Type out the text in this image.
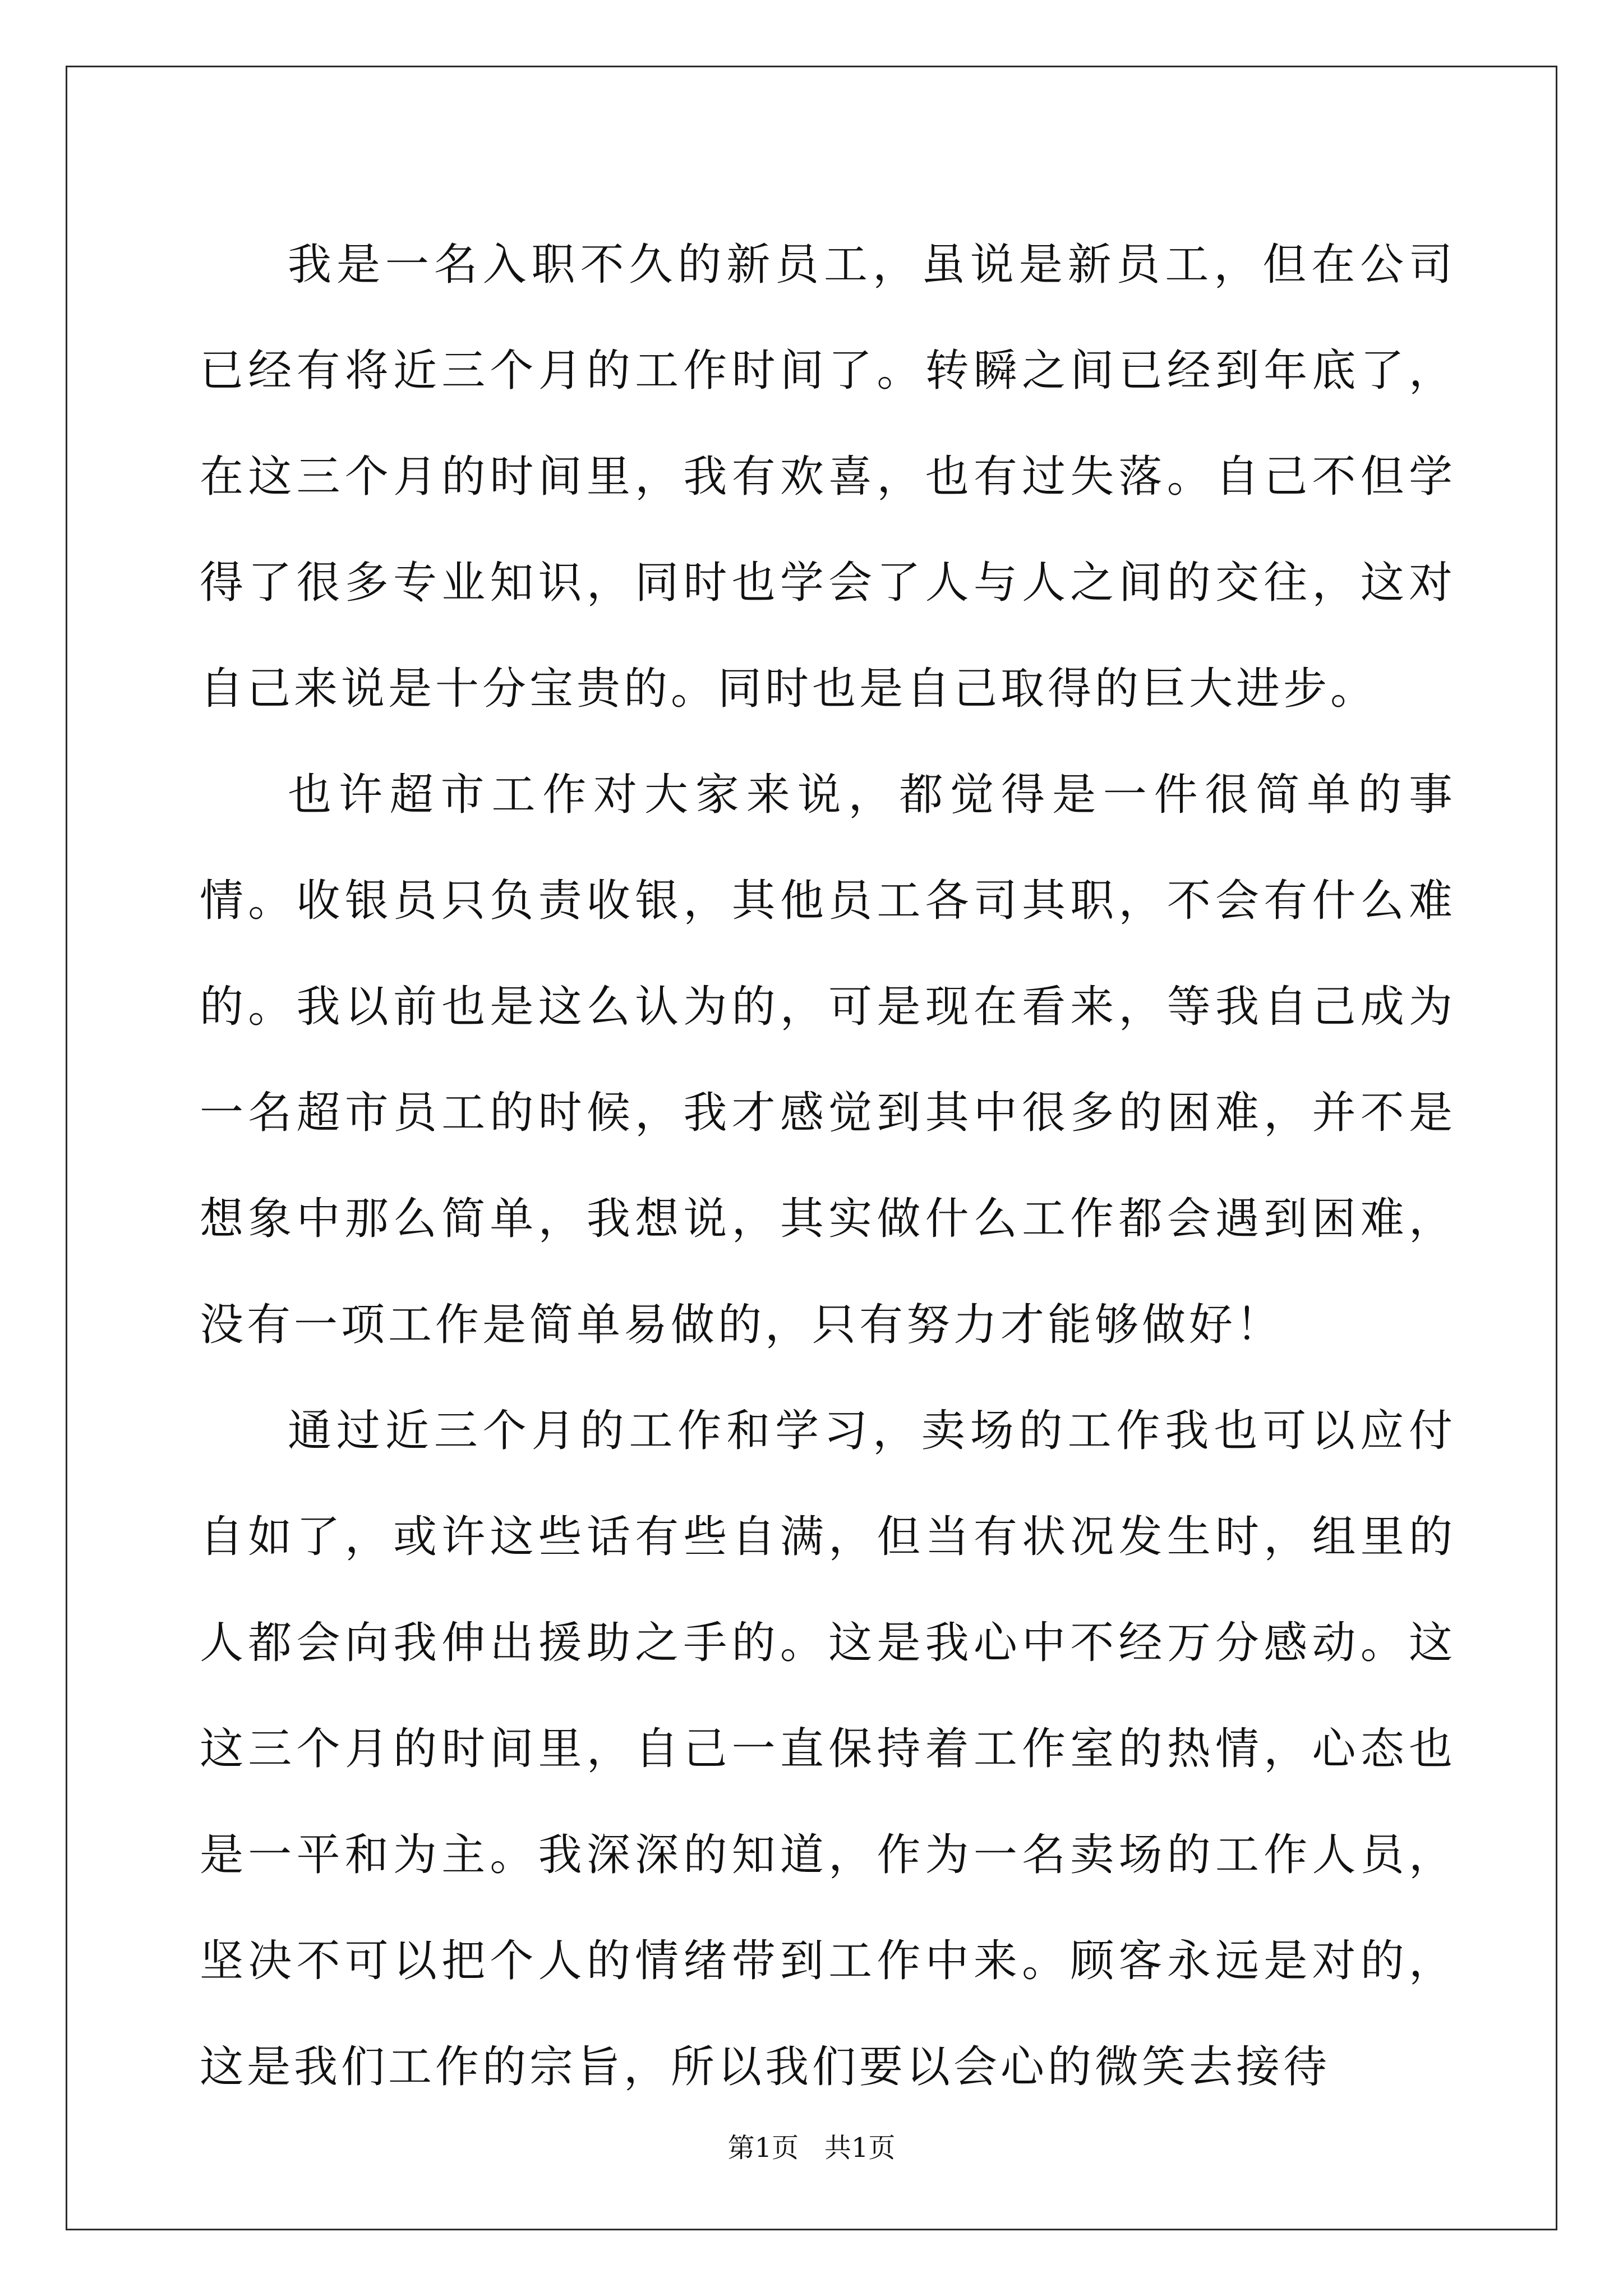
我是一名入职不久的新员工，虽说是新员工，但在公司已经有将近三个月的工作时间了。转瞬之间已经到年底了，在这三个月的时间里，我有欢喜，也有过失落。自己不但学得了很多专业知识，同时也学会了人与人之间的交往，这对自己来说是十分宝贵的。同时也是自己取得的巨大进步。

也许超市工作对大家来说，都觉得是一件很简单的事情。收银员只负责收银，其他员工各司其职，不会有什么难的。我以前也是这么认为的，可是现在看来，等我自己成为一名超市员工的时候，我才感觉到其中很多的困难，并不是想象中那么简单，我想说，其实做什么工作都会遇到困难，没有一项工作是简单易做的，只有努力才能够做好！

通过近三个月的工作和学习，卖场的工作我也可以应付自如了，或许这些话有些自满，但当有状况发生时，组里的人都会向我伸出援助之手的。这是我心中不经万分感动。这这三个月的时间里，自己一直保持着工作室的热情，心态也是一平和为主。我深深的知道，作为一名卖场的工作人员，坚决不可以把个人的情绪带到工作中来。顾客永远是对的，这是我们工作的宗旨，所以我们要以会心的微笑去接待

第1页   共1页
